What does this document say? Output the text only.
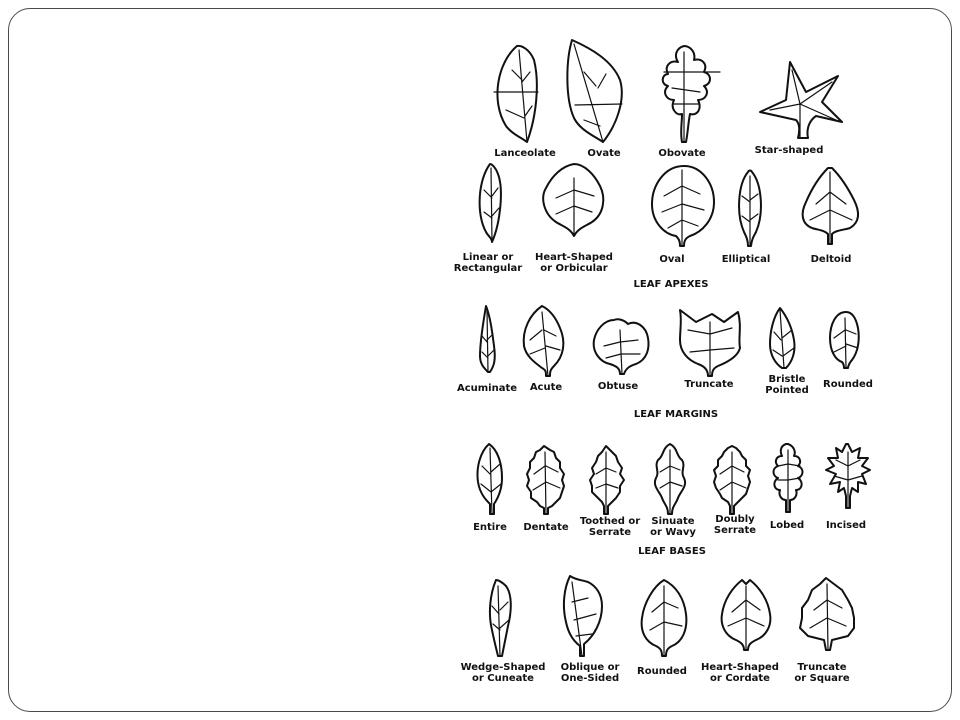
LEAF APEXES
LEAF MARGINS
LEAF BASES
Lanceolate	Ovate	Obovate	Star-shaped
Linear or Rectangular
Heart-Shaped or Orbicular
Oval	Elliptical	Deltoid
Acuminate Acute	Obtuse	Truncate	Bristle Pointed
Rounded
Entire Dentate
Toothed or Serrate
Sinuate or Wavy
Doubly Serrate Lobed Incised
Wedge-Shaped or Cuneate
Oblique or One-Sided
Rounded Heart-Shaped or Cordate
Truncate or Square
